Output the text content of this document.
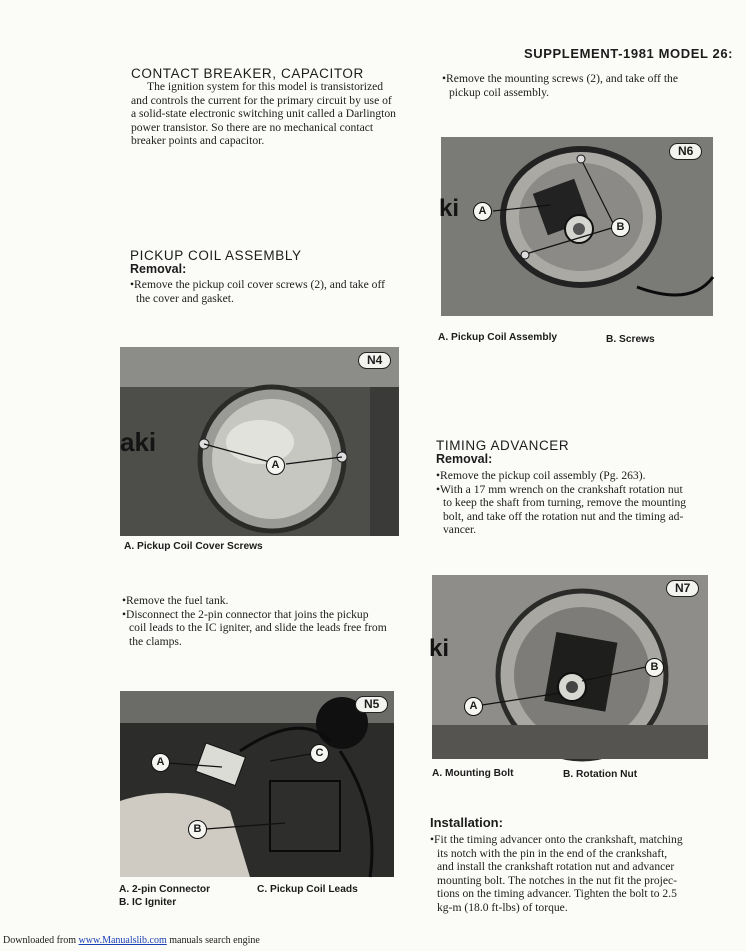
SUPPLEMENT-1981 MODEL 26:
CONTACT BREAKER, CAPACITOR
The ignition system for this model is transistorized
and controls the current for the primary circuit by use of
a solid-state electronic switching unit called a Darlington
power transistor. So there are no mechanical contact
breaker points and capacitor.
PICKUP COIL ASSEMBLY
Removal:
•Remove the pickup coil cover screws (2), and take off
the cover and gasket.
aki
N4
A
A. Pickup Coil Cover Screws
•Remove the fuel tank.
•Disconnect the 2-pin connector that joins the pickup
coil leads to the IC igniter, and slide the leads free from
the clamps.
N5
A
B
C
A. 2-pin Connector
B. IC Igniter
C. Pickup Coil Leads
•Remove the mounting screws (2), and take off the
pickup coil assembly.
ki
N6
A
B
A. Pickup Coil Assembly	B. Screws
TIMING ADVANCER
Removal:
•Remove the pickup coil assembly (Pg. 263).
•With a 17 mm wrench on the crankshaft rotation nut
to keep the shaft from turning, remove the mounting
bolt, and take off the rotation nut and the timing ad-
vancer.
ki
N7
A
B
A. Mounting Bolt	B. Rotation Nut
Installation:
•Fit the timing advancer onto the crankshaft, matching
its notch with the pin in the end of the crankshaft,
and install the crankshaft rotation nut and advancer
mounting bolt. The notches in the nut fit the projec-
tions on the timing advancer. Tighten the bolt to 2.5
kg-m (18.0 ft-lbs) of torque.
Downloaded from www.Manualslib.com manuals search engine
